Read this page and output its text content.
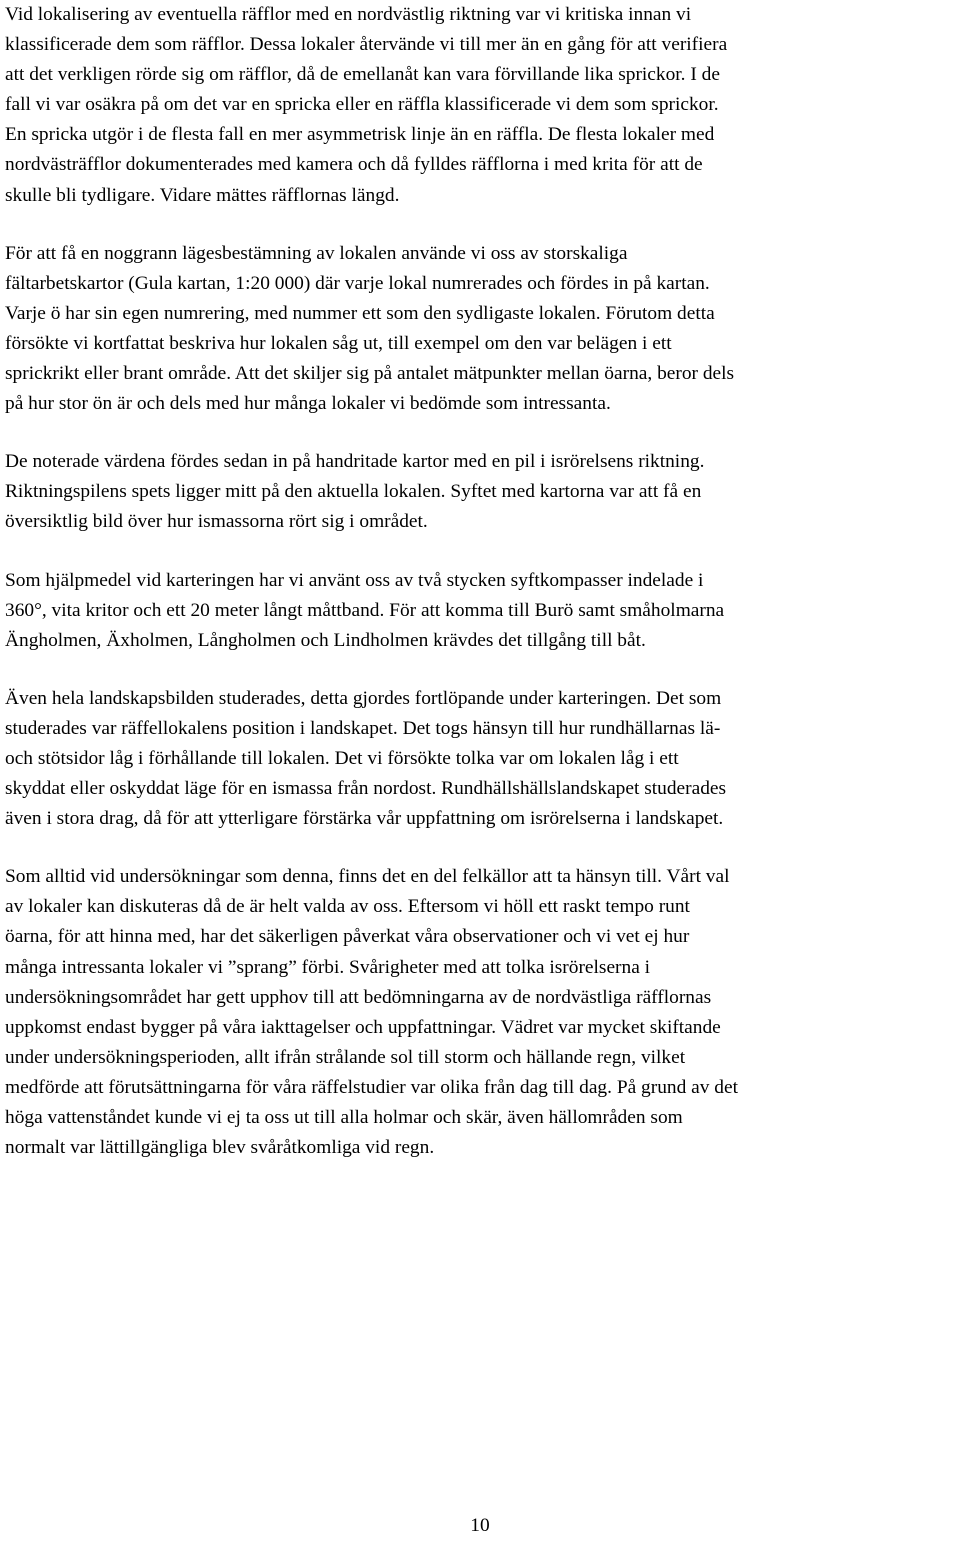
Vid lokalisering av eventuella räfflor med en nordvästlig riktning var vi kritiska innan vi
klassificerade dem som räfflor. Dessa lokaler återvände vi till mer än en gång för att verifiera
att det verkligen rörde sig om räfflor, då de emellanåt kan vara förvillande lika sprickor. I de
fall vi var osäkra på om det var en spricka eller en räffla klassificerade vi dem som sprickor.
En spricka utgör i de flesta fall en mer asymmetrisk linje än en räffla. De flesta lokaler med
nordvästräfflor dokumenterades med kamera och då fylldes räfflorna i med krita för att de
skulle bli tydligare. Vidare mättes räfflornas längd.

För att få en noggrann lägesbestämning av lokalen använde vi oss av storskaliga
fältarbetskartor (Gula kartan, 1:20 000) där varje lokal numrerades och fördes in på kartan.
Varje ö har sin egen numrering, med nummer ett som den sydligaste lokalen. Förutom detta
försökte vi kortfattat beskriva hur lokalen såg ut, till exempel om den var belägen i ett
sprickrikt eller brant område. Att det skiljer sig på antalet mätpunkter mellan öarna, beror dels
på hur stor ön är och dels med hur många lokaler vi bedömde som intressanta.

De noterade värdena fördes sedan in på handritade kartor med en pil i isrörelsens riktning.
Riktningspilens spets ligger mitt på den aktuella lokalen. Syftet med kartorna var att få en
översiktlig bild över hur ismassorna rört sig i området.

Som hjälpmedel vid karteringen har vi använt oss av två stycken syftkompasser indelade i
360°, vita kritor och ett 20 meter långt måttband. För att komma till Burö samt småholmarna
Ängholmen, Äxholmen, Långholmen och Lindholmen krävdes det tillgång till båt.

Även hela landskapsbilden studerades, detta gjordes fortlöpande under karteringen. Det som
studerades var räffellokalens position i landskapet. Det togs hänsyn till hur rundhällarnas lä-
och stötsidor låg i förhållande till lokalen. Det vi försökte tolka var om lokalen låg i ett
skyddat eller oskyddat läge för en ismassa från nordost. Rundhällshällslandskapet studerades
även i stora drag, då för att ytterligare förstärka vår uppfattning om isrörelserna i landskapet.

Som alltid vid undersökningar som denna, finns det en del felkällor att ta hänsyn till. Vårt val
av lokaler kan diskuteras då de är helt valda av oss. Eftersom vi höll ett raskt tempo runt
öarna, för att hinna med, har det säkerligen påverkat våra observationer och vi vet ej hur
många intressanta lokaler vi ”sprang” förbi. Svårigheter med att tolka isrörelserna i
undersökningsområdet har gett upphov till att bedömningarna av de nordvästliga räfflornas
uppkomst endast bygger på våra iakttagelser och uppfattningar. Vädret var mycket skiftande
under undersökningsperioden, allt ifrån strålande sol till storm och hällande regn, vilket
medförde att förutsättningarna för våra räffelstudier var olika från dag till dag. På grund av det
höga vattenståndet kunde vi ej ta oss ut till alla holmar och skär, även hällområden som
normalt var lättillgängliga blev svåråtkomliga vid regn.

10
